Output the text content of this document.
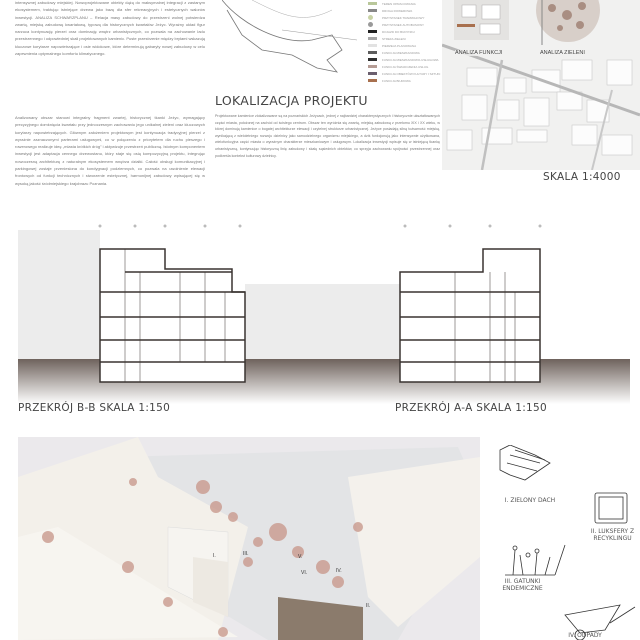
intensywnej zabudowy miejskiej. Nowoprojektowane obiekty dążą do maksymalnej integracji z zastanym ekosystemem, traktując istniejące drzewa jako bazę dla sfer rekreacyjnych i estetycznych walorów inwestycji. ANALIZA SCHWARZPLANU – Relacja masy zabudowy do przestrzeni wolnej potwierdza zwartą, miejską zabudowę kwartałową, typową dla historycznych kwartałów Jeżyc. Wyraźny układ figur narzuca kontynuację pierzei oraz dominację wnętrz urbanistycznych, co pozwala na zachowanie ładu przestrzennego i odpowiedniej skali projektowanych kamienic. Puste przestrzenie między bryłami wskazują kluczowe korytarze napowietrzające i osie widokowe, które determinują gabaryty nowej zabudowy w celu zapewnienia optymalnego komfortu klimatycznego.

Analizowany obszar stanowi integralny fragment zwartej, historycznej tkanki Jeżyc, wymagający precyzyjnego domknięcia kwartału przy jednoczesnym zachowaniu jego unikalnej zieleni oraz kluczowych korytarzy napowietrzających. Głównym założeniem projektowym jest kontynuacja tradycyjnej pierzei z wyraźnie zaznaczonymi parterami usługowymi, co w połączeniu z priorytetem dla ruchu pieszego i rowerowego realizuje ideę „miasta krótkich dróg” i aktywizuje przestrzeń publiczną. Istotnym komponentem inwestycji jest adaptacja cennego drzewostanu, który staje się osią kompozycyjną projektu, integrując nowoczesną architekturę z naturalnym ekosystemem wnętrza działki. Całość obsługi komunikacyjnej i parkingowej zostaje przeniesiona do kondygnacji podziemnych, co pozwala na uwolnienie elewacji frontowych od funkcji technicznych i stworzenie estetycznej, harmonijnej zabudowy wpisującej się w wysoką jakość śródmiejskiego krajobrazu Poznania.

TEREN OPRACOWANIA
DROGA ROWEROWA
PRZYSTANEK TRAMWAJOWY
PRZYSTANEK AUTOBUSOWY
DOJAZD DO BUDYNKU
STREFA ZIELENI
PIERZEJA PLANOWANA
FUNKCJA MIESZKANIOWA
FUNKCJA MIESZKANIOWO-USŁUGOWA
FUNKCJA ŚWIADCZENIA USŁUG
FUNKCJA OBIEKTÓW KULTURY I SZTUKI
FUNKCJA BIUROWA
LOKALIZACJA PROJEKTU

Projektowane kamienice zlokalizowane są na poznańskich Jeżycach, jednej z najbardziej charakterystycznych i historycznie ukształtowanych części miasta, położonej na zachód od ścisłego centrum. Obszar ten wyróżnia się zwartą, miejską zabudową z przełomu XIX i XX wieku, w której dominują kamienice o bogatej architekturze elewacji i czytelnej strukturze urbanistycznej. Jeżyce posiadają silną tożsamość miejską, wynikającą z wieloletniego rozwoju dzielnicy jako samodzielnego organizmu miejskiego, a dziś funkcjonują jako intensywnie użytkowana, wielofunkcyjna część miasta o wyraźnym charakterze mieszkaniowym i usługowym. Lokalizacja inwestycji wpisuje się w istniejącą tkankę urbanistyczną, kontynuując historyczną linię zabudowy i skalę sąsiednich obiektów, co sprzyja zachowaniu spójności przestrzennej oraz podkreśla kontekst kulturowy dzielnicy.

ANALIZA FUNKCJI	ANALIZA ZIELENI
SKALA 1:4000
PRZEKRÓJ B-B SKALA 1:150	PRZEKRÓJ A-A SKALA 1:150
I.
II.
III.
IV.
V.
VI.
I. ZIELONY DACH
II. LUKSFERY Z RECYKLINGU
III. GATUNKI ENDEMICZNE
IV. ODPADY
